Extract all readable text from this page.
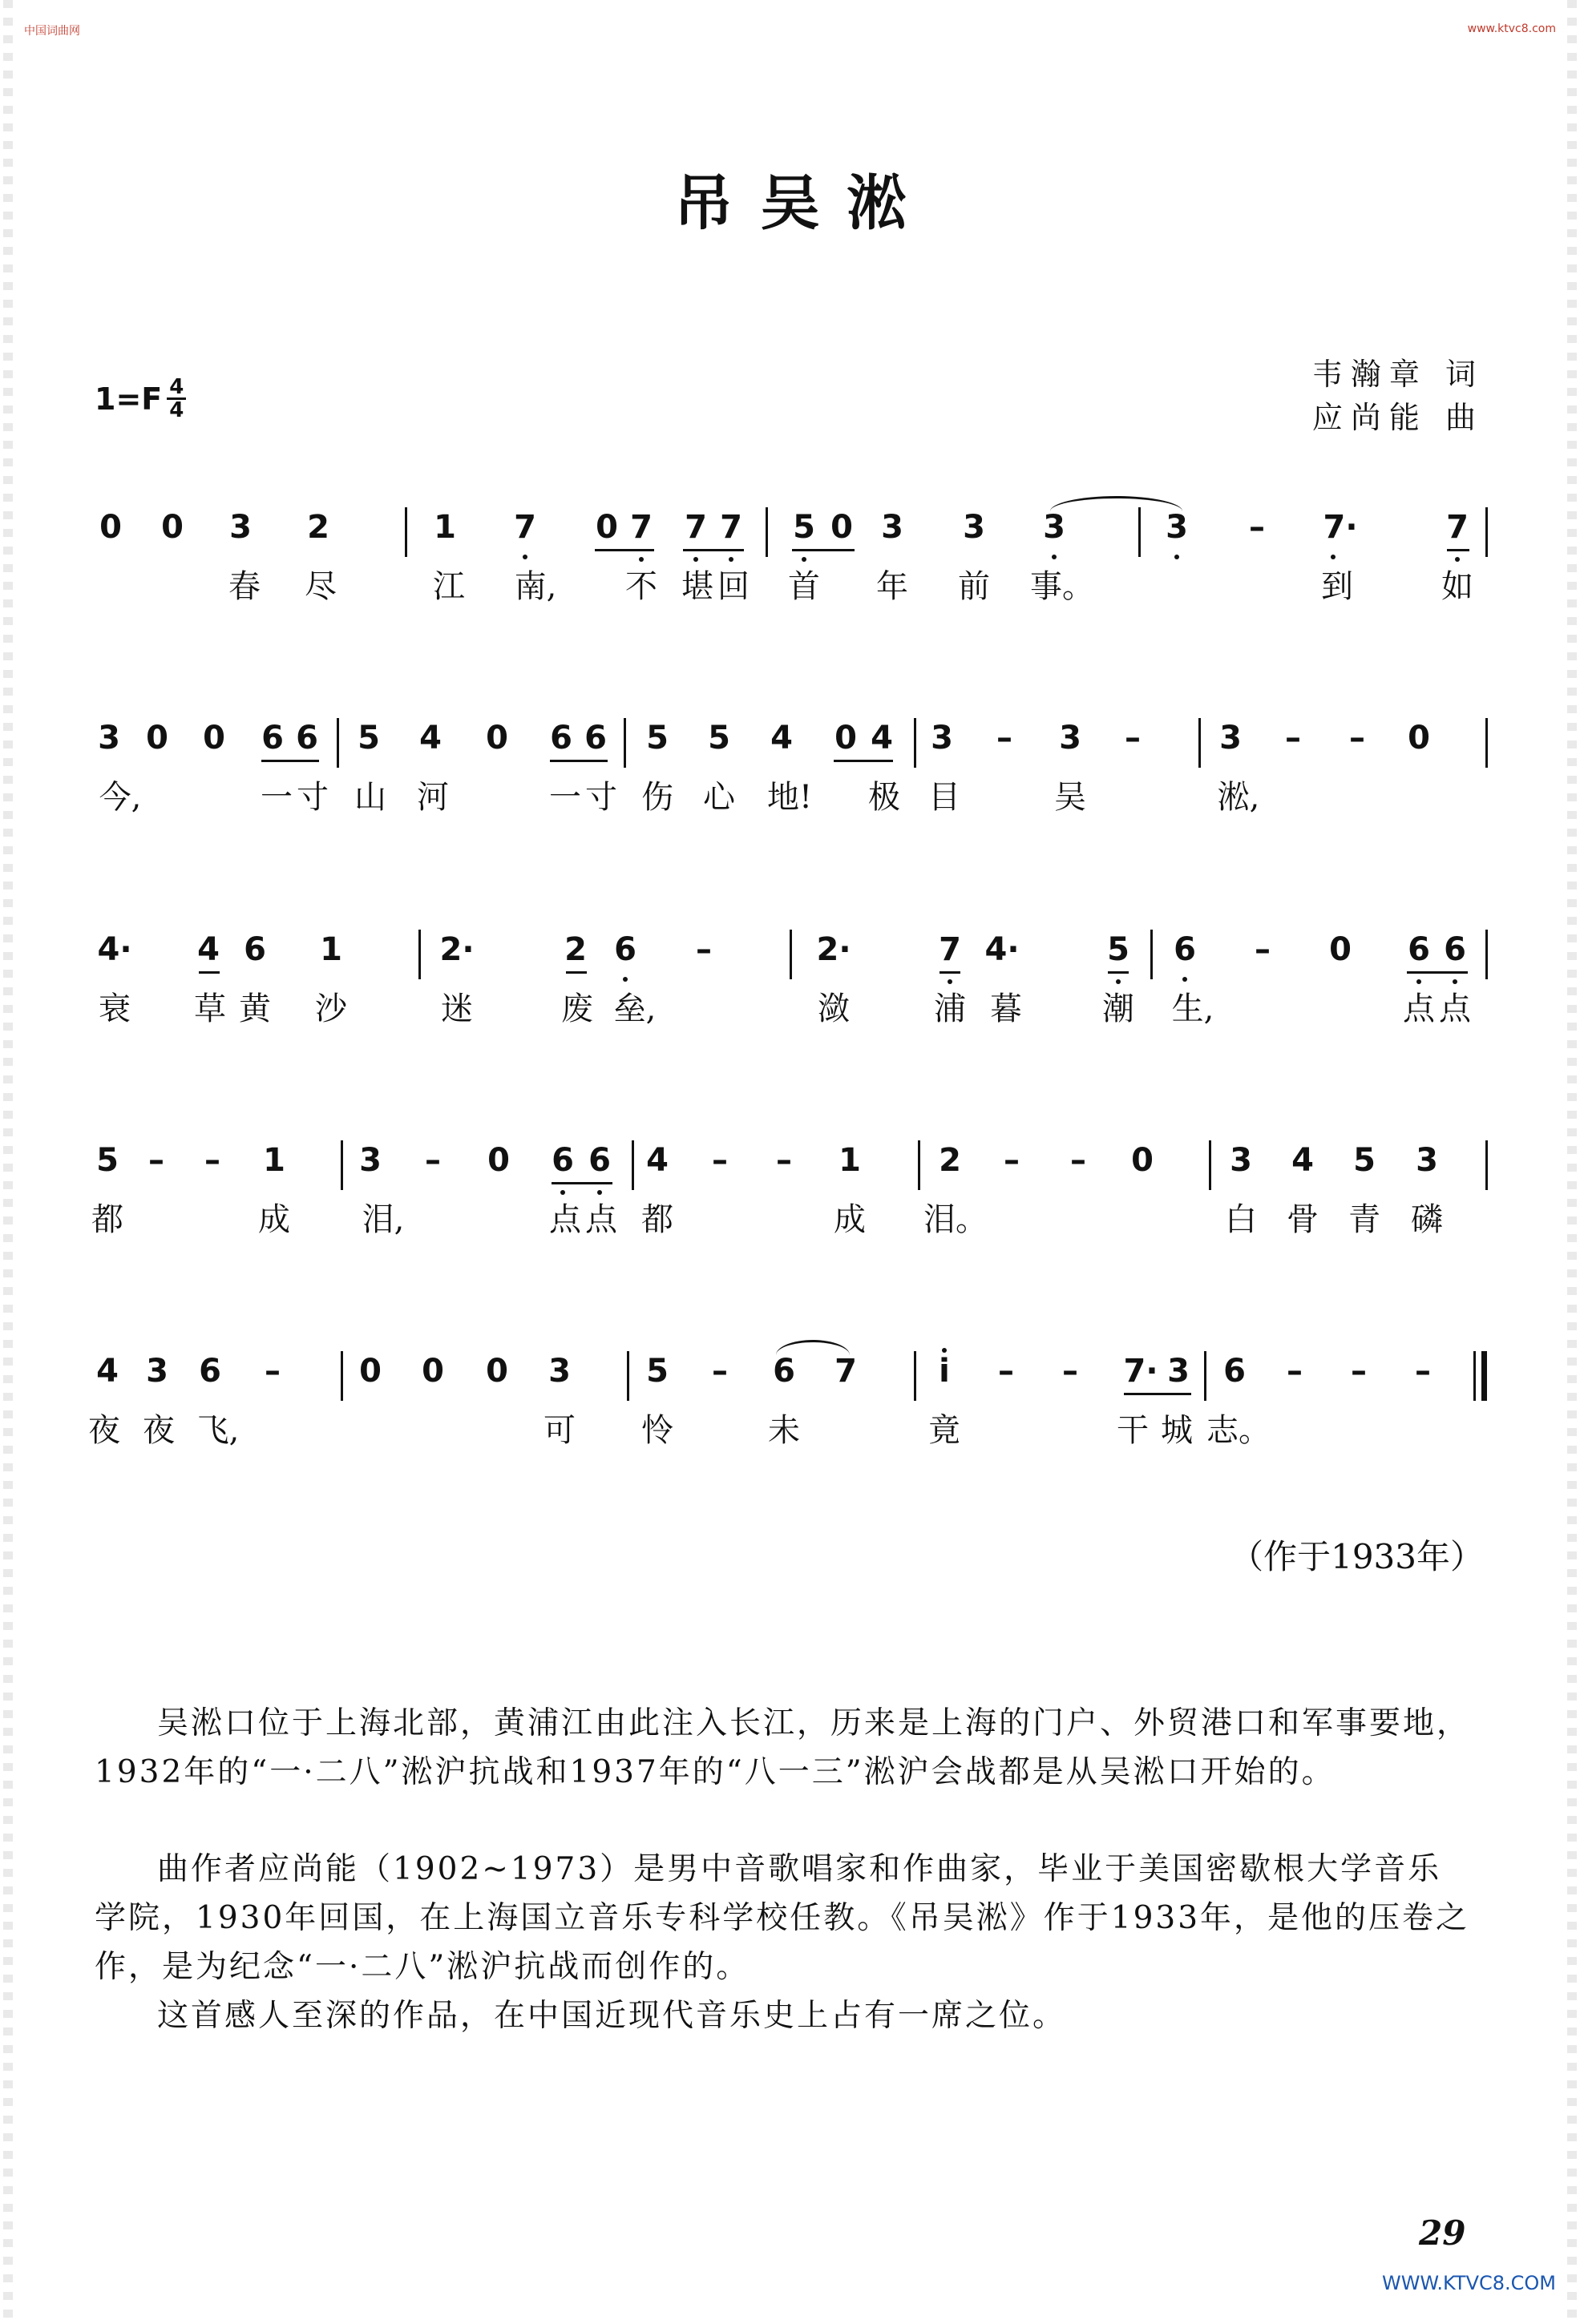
中国词曲网	www.ktvc8.com
吊吴淞
1=F 4
4
韦瀚章 词
应尚能 曲
0 0 3 2	1 7 0 7 7 7 5 0 3 3 3	3 – 7·	7
春 尽	江 南, 不 堪 回 首 年 前 事。	到	如
3 0 0 6 6 5 4 0 6 6 5 5 4 0 4 3 – 3 – 3 – – 0
今,	一 寸 山 河	一 寸 伤 心 地! 极 目	吴	淞,
4· 4 6 1	2·	2 6 –	2·	7 4·	5 6 – 0 6 6
衰 草 黄 沙	迷	废 垒,	潋	浦 暮	潮 生,	点 点
5 – – 1 3 – 0 6 6 4 – – 1 2 – – 0 3 4 5 3
都	成 泪,	点 点 都	成 泪。	白 骨 青 磷
4 3 6 – 0 0 0 3 5 – 6 7	i – – 7· 3 6 – – –
夜 夜 飞,	可 怜	未	竟	干 城 志。
（作于1933年）

吴淞口位于上海北部，黄浦江由此注入长江，历来是上海的门户、外贸港口和军事要地，1932年的“一·二八”淞沪抗战和1937年的“八一三”淞沪会战都是从吴淞口开始的。

曲作者应尚能（1902~1973）是男中音歌唱家和作曲家，毕业于美国密歇根大学音乐学院，1930年回国，在上海国立音乐专科学校任教。《吊吴淞》作于1933年，是他的压卷之作，是为纪念“一·二八”淞沪抗战而创作的。

这首感人至深的作品，在中国近现代音乐史上占有一席之位。

29
WWW.KTVC8.COM
